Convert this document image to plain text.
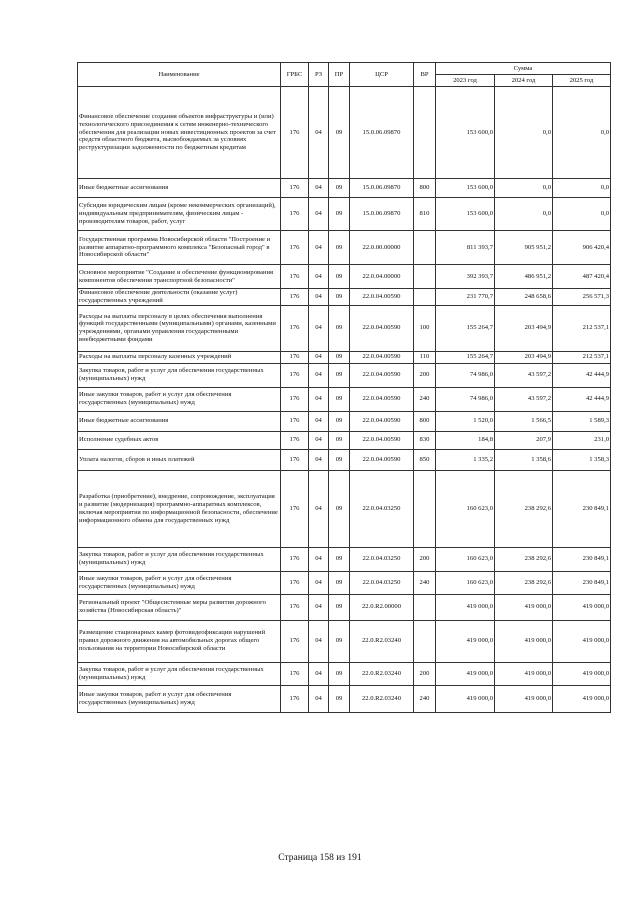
Наименование	ГРБС	РЗ	ПР	ЦСР	ВР	Сумма		
						2023 год	2024 год	2025 год
Финансовое обеспечение создания объектов инфраструктуры и (или) технологического присоединения к сетям инженерно-технического обеспечения для реализации новых инвестиционных проектов за счет средств областного бюджета, высвобождаемых за условиях реструктуризации задолженности по бюджетным кредитам	176	04	09	15.0.06.09870		153 600,0	0,0	0,0
Иные бюджетные ассигнования	176	04	09	15.0.06.09870	800	153 600,0	0,0	0,0
Субсидии юридическим лицам (кроме некоммерческих организаций), индивидуальным предпринимателям, физическим лицам - производителям товаров, работ, услуг	176	04	09	15.0.06.09870	810	153 600,0	0,0	0,0
Государственная программа Новосибирской области "Построение и развитие аппаратно-программного комплекса "Безопасный город" в Новосибирской области"	176	04	09	22.0.00.00000		811 393,7	905 951,2	906 420,4
Основное мероприятие "Создание и обеспечение функционирования компонентов обеспечения транспортной безопасности"	176	04	09	22.0.04.00000		392 393,7	486 951,2	487 420,4
Финансовое обеспечение деятельности (оказание услуг) государственных учреждений	176	04	09	22.0.04.00590		231 770,7	248 658,6	256 571,3
Расходы на выплаты персоналу в целях обеспечения выполнения функций государственными (муниципальными) органами, казенными учреждениями, органами управления государственными внебюджетными фондами	176	04	09	22.0.04.00590	100	155 264,7	203 494,9	212 537,1
Расходы на выплаты персоналу казенных учреждений	176	04	09	22.0.04.00590	110	155 264,7	203 494,9	212 537,1
Закупка товаров, работ и услуг для обеспечения государственных (муниципальных) нужд	176	04	09	22.0.04.00590	200	74 986,0	43 597,2	42 444,9
Иные закупки товаров, работ и услуг для обеспечения государственных (муниципальных) нужд	176	04	09	22.0.04.00590	240	74 986,0	43 597,2	42 444,9
Иные бюджетные ассигнования	176	04	09	22.0.04.00590	800	1 520,0	1 566,5	1 589,3
Исполнение судебных актов	176	04	09	22.0.04.00590	830	184,8	207,9	231,0
Уплата налогов, сборов и иных платежей	176	04	09	22.0.04.00590	850	1 335,2	1 358,6	1 358,3
Разработка (приобретение), внедрение, сопровождение, эксплуатация и развитие (модернизация) программно-аппаратных комплексов, включая мероприятия по информационной безопасности, обеспечение информационного обмена для государственных нужд	176	04	09	22.0.04.03250		160 623,0	238 292,6	230 849,1
Закупка товаров, работ и услуг для обеспечения государственных (муниципальных) нужд	176	04	09	22.0.04.03250	200	160 623,0	238 292,6	230 849,1
Иные закупки товаров, работ и услуг для обеспечения государственных (муниципальных) нужд	176	04	09	22.0.04.03250	240	160 623,0	238 292,6	230 849,1
Региональный проект "Общесистемные меры развития дорожного хозяйства (Новосибирская область)"	176	04	09	22.0.R2.00000		419 000,0	419 000,0	419 000,0
Размещение стационарных камер фотовидеофиксации нарушений правил дорожного движения на автомобильных дорогах общего пользования на территории Новосибирской области	176	04	09	22.0.R2.03240		419 000,0	419 000,0	419 000,0
Закупка товаров, работ и услуг для обеспечения государственных (муниципальных) нужд	176	04	09	22.0.R2.03240	200	419 000,0	419 000,0	419 000,0
Иные закупки товаров, работ и услуг для обеспечения государственных (муниципальных) нужд	176	04	09	22.0.R2.03240	240	419 000,0	419 000,0	419 000,0
Страница 158 из 191
